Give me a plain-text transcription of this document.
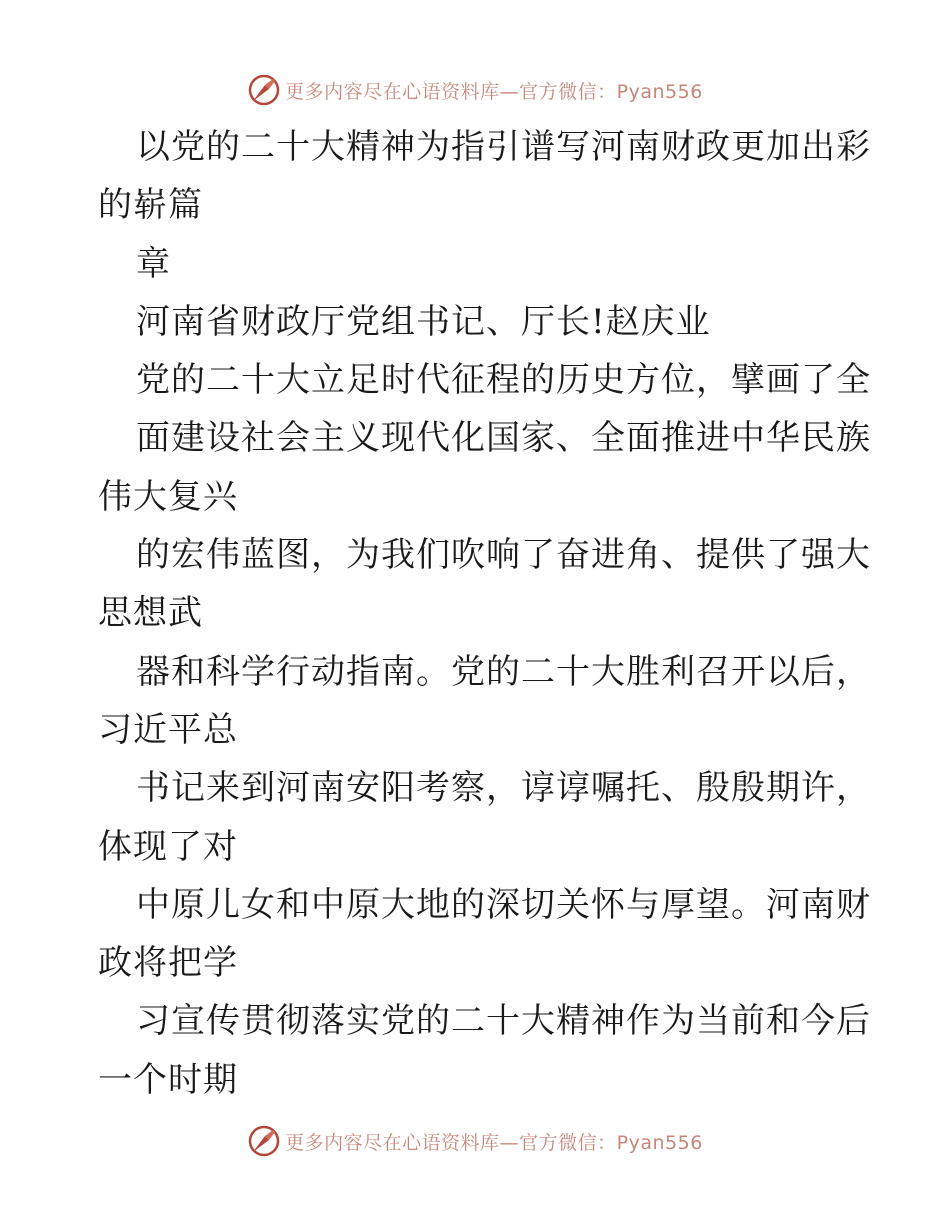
更多内容尽在心语资料库—官方微信：Pyan556
以党的二十大精神为指引谱写河南财政更加出彩
的崭篇
章
河南省财政厅党组书记、厅长!赵庆业
党的二十大立足时代征程的历史方位，擘画了全
面建设社会主义现代化国家、全面推进中华民族
伟大复兴
的宏伟蓝图，为我们吹响了奋进角、提供了强大
思想武
器和科学行动指南。党的二十大胜利召开以后，
习近平总
书记来到河南安阳考察，谆谆嘱托、殷殷期许，
体现了对
中原儿女和中原大地的深切关怀与厚望。河南财
政将把学
习宣传贯彻落实党的二十大精神作为当前和今后
一个时期
更多内容尽在心语资料库—官方微信：Pyan556
